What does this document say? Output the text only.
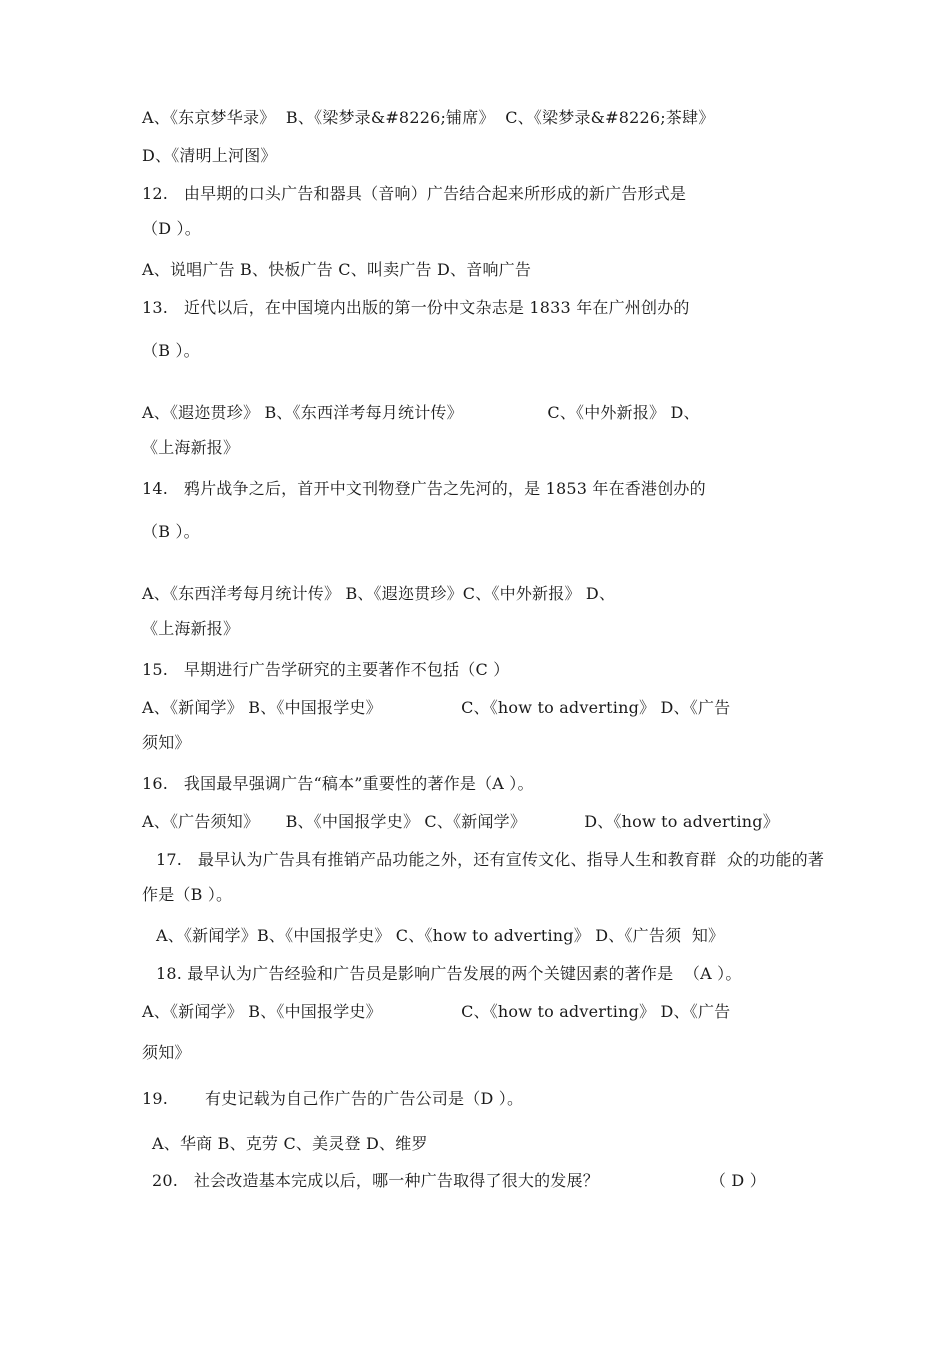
A、《东京梦华录》  B、《梁梦录&#8226;铺席》  C、《梁梦录&#8226;茶肆》
D、《清明上河图》
12.   由早期的口头广告和器具（音响）广告结合起来所形成的新广告形式是
（D ）。
A、说唱广告 B、快板广告 C、叫卖广告 D、音响广告
13.   近代以后，在中国境内出版的第一份中文杂志是 1833 年在广州创办的
（B ）。
A、《遐迩贯珍》 B、《东西洋考每月统计传》                C、《中外新报》 D、
《上海新报》
14.   鸦片战争之后，首开中文刊物登广告之先河的，是 1853 年在香港创办的
（B ）。
A、《东西洋考每月统计传》 B、《遐迩贯珍》C、《中外新报》 D、
《上海新报》
15.   早期进行广告学研究的主要著作不包括（C ）
A、《新闻学》 B、《中国报学史》               C、《how to adverting》 D、《广告
须知》
16.   我国最早强调广告“稿本”重要性的著作是（A ）。
A、《广告须知》     B、《中国报学史》 C、《新闻学》           D、《how to adverting》
17.   最早认为广告具有推销产品功能之外，还有宣传文化、指导人生和教育群  众的功能的著
作是（B ）。
A、《新闻学》B、《中国报学史》 C、《how to adverting》 D、《广告须  知》
18. 最早认为广告经验和广告员是影响广告发展的两个关键因素的著作是  （A ）。
A、《新闻学》 B、《中国报学史》               C、《how to adverting》 D、《广告
须知》
19.       有史记载为自己作广告的广告公司是（D ）。
A、华商 B、克劳 C、美灵登 D、维罗
20.   社会改造基本完成以后，哪一种广告取得了很大的发展？                     （ D ）
